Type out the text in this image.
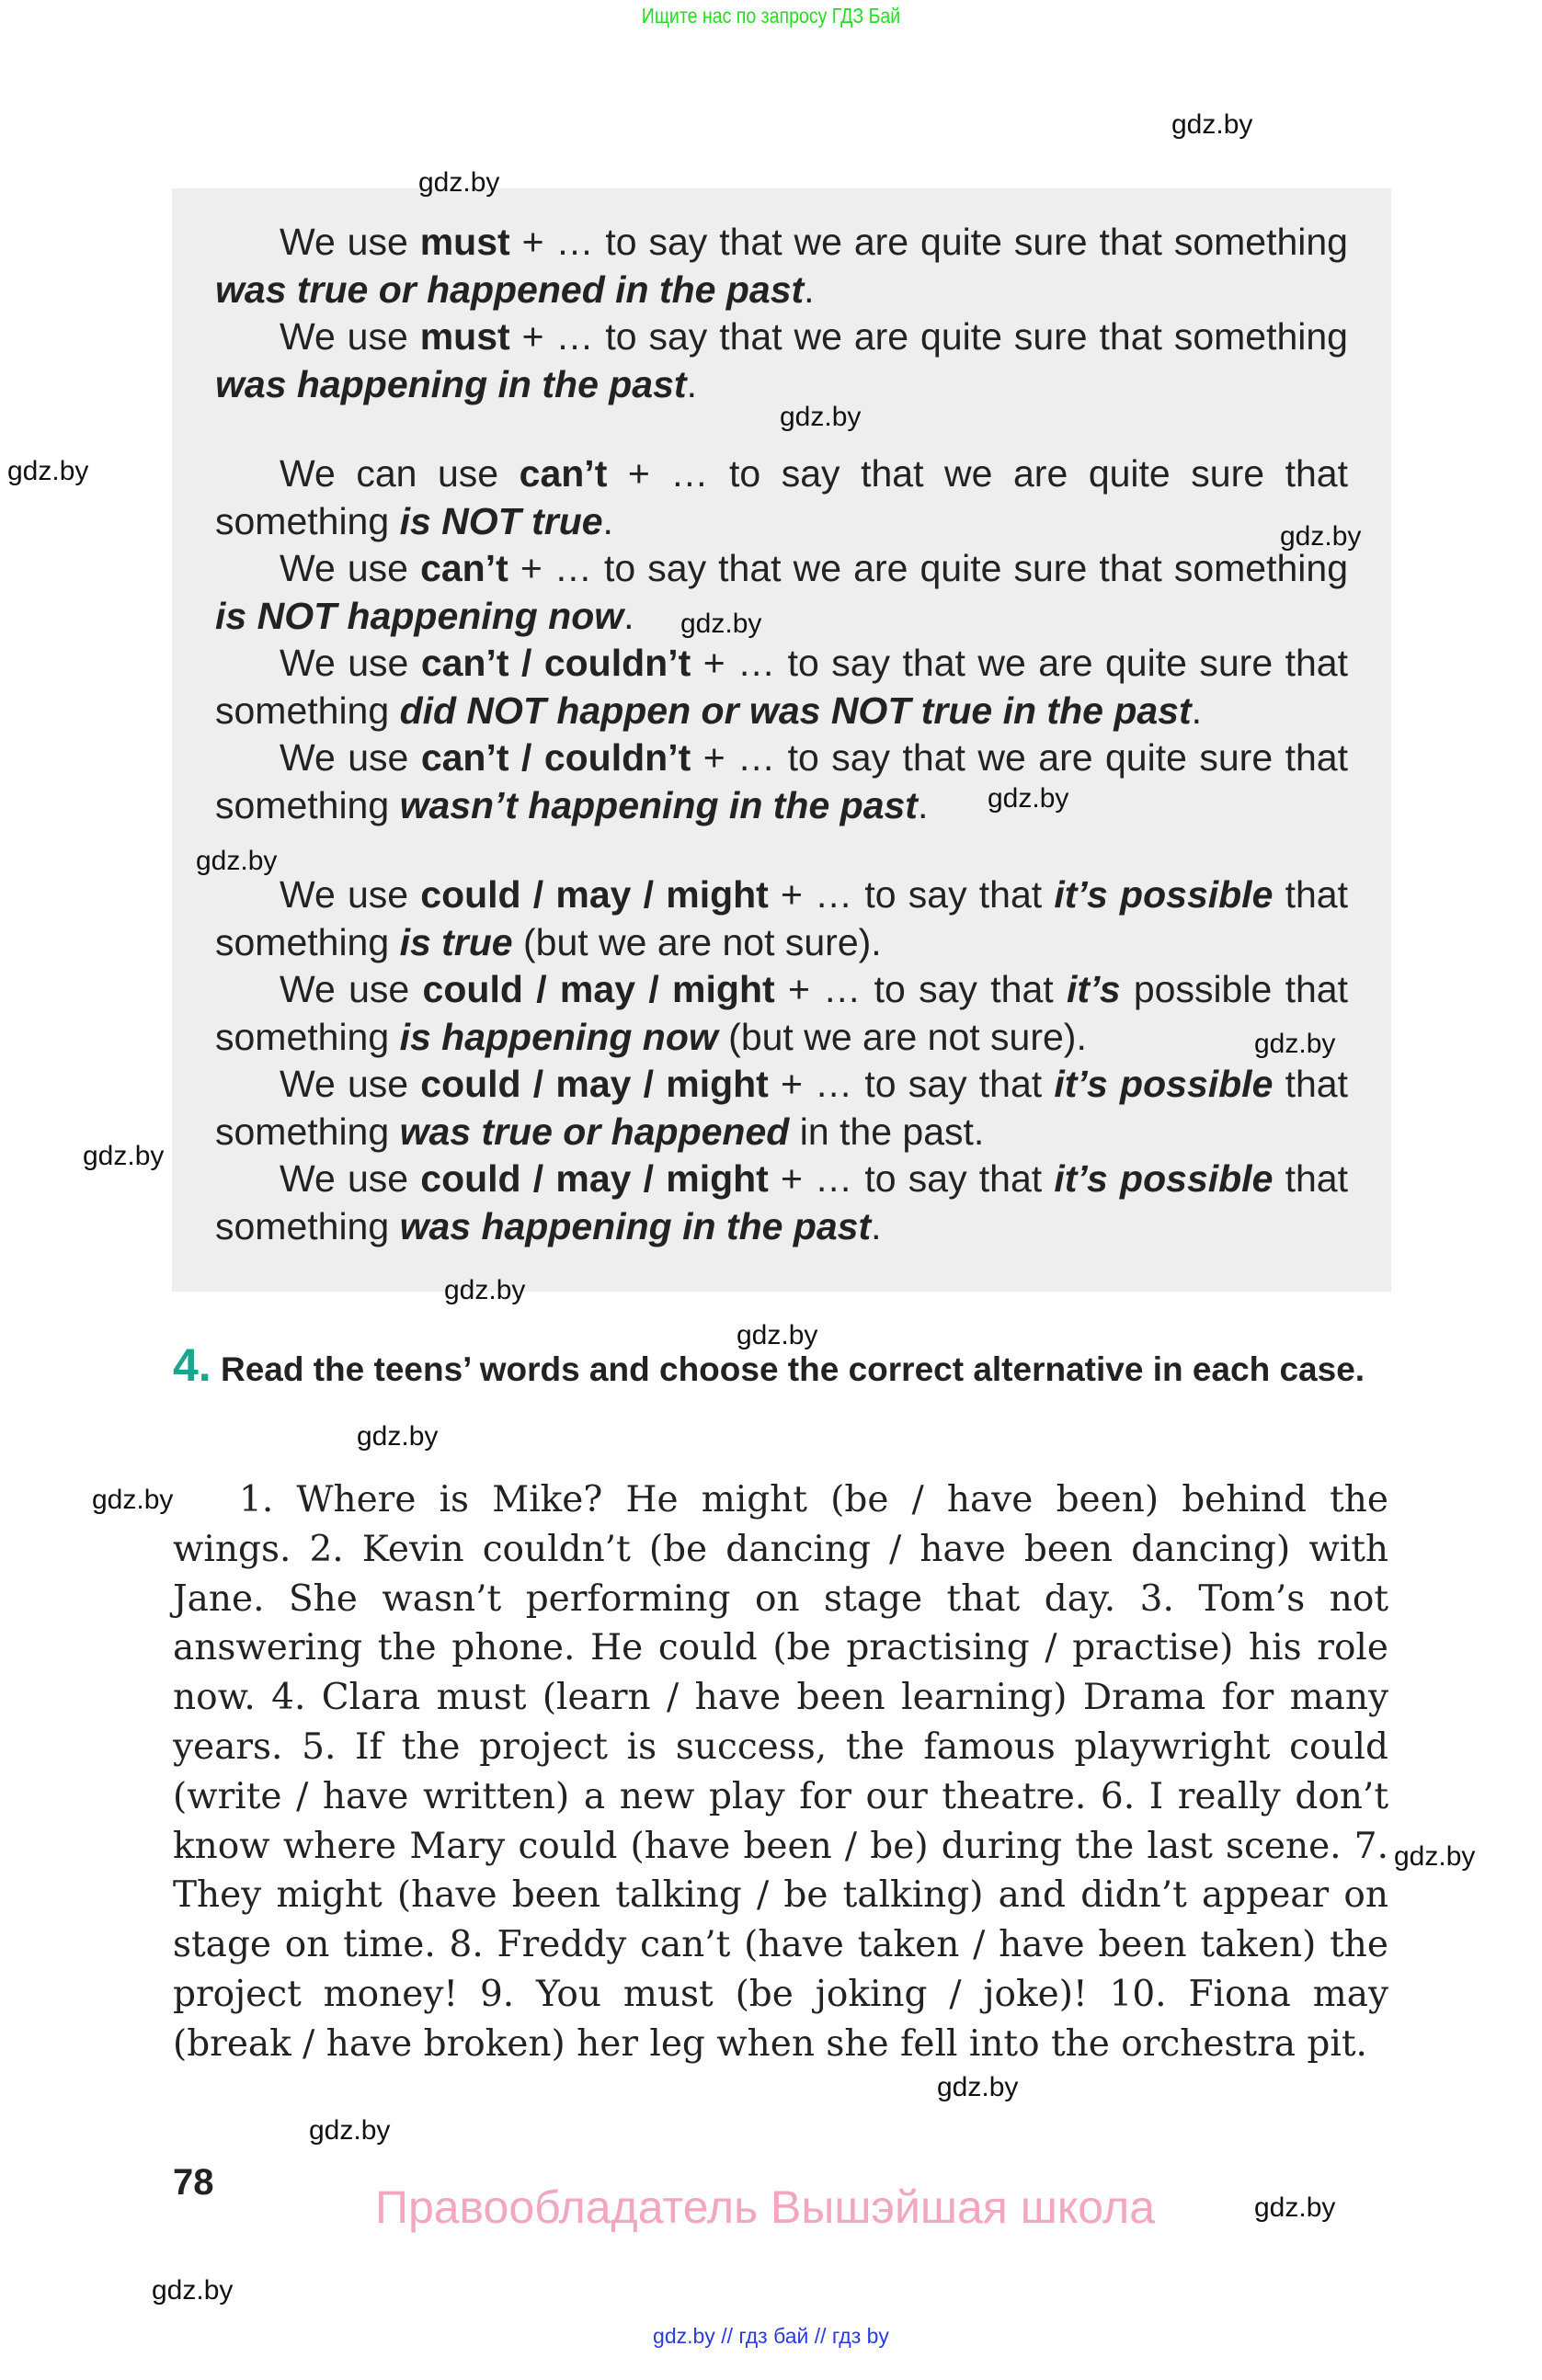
Ищите нас по запросу ГДЗ Бай

We use must + … to say that we are quite sure that something was true or happened in the past.

We use must + … to say that we are quite sure that something was happening in the past.

We can use can’t + … to say that we are quite sure that something is NOT true.

We use can’t + … to say that we are quite sure that something is NOT happening now.

We use can’t / couldn’t + … to say that we are quite sure that something did NOT happen or was NOT true in the past.

We use can’t / couldn’t + … to say that we are quite sure that something wasn’t happening in the past.

We use could / may / might + … to say that it’s possible that something is true (but we are not sure).

We use could / may / might + … to say that it’s possible that something is happening now (but we are not sure).

We use could / may / might + … to say that it’s possible that something was true or happened in the past.

We use could / may / might + … to say that it’s possible that something was happening in the past.

4. Read the teens’ words and choose the correct alternative in each case.
1. Where is Mike? He might (be / have been) behind the wings. 2. Kevin couldn’t (be dancing / have been dancing) with Jane. She wasn’t performing on stage that day. 3. Tom’s not answering the phone. He could (be practising / practise) his role now. 4. Clara must (learn / have been learning) Drama for many years. 5. If the project is success, the famous playwright could (write / have written) a new play for our theatre. 6. I really don’t know where Mary could (have been / be) during the last scene. 7. They might (have been talking / be talking) and didn’t appear on stage on time. 8. Freddy can’t (have taken / have been taken) the project money! 9. You must (be joking / joke)! 10. Fiona may (break / have broken) her leg when she fell into the orchestra pit.
78	Правообладатель Вышэйшая школа
gdz.by // гдз бай // гдз by
gdz.by
gdz.by
gdz.by
gdz.by
gdz.by
gdz.by
gdz.by
gdz.by
gdz.by
gdz.by
gdz.by
gdz.by
gdz.by
gdz.by
gdz.by
gdz.by
gdz.by
gdz.by
gdz.by
